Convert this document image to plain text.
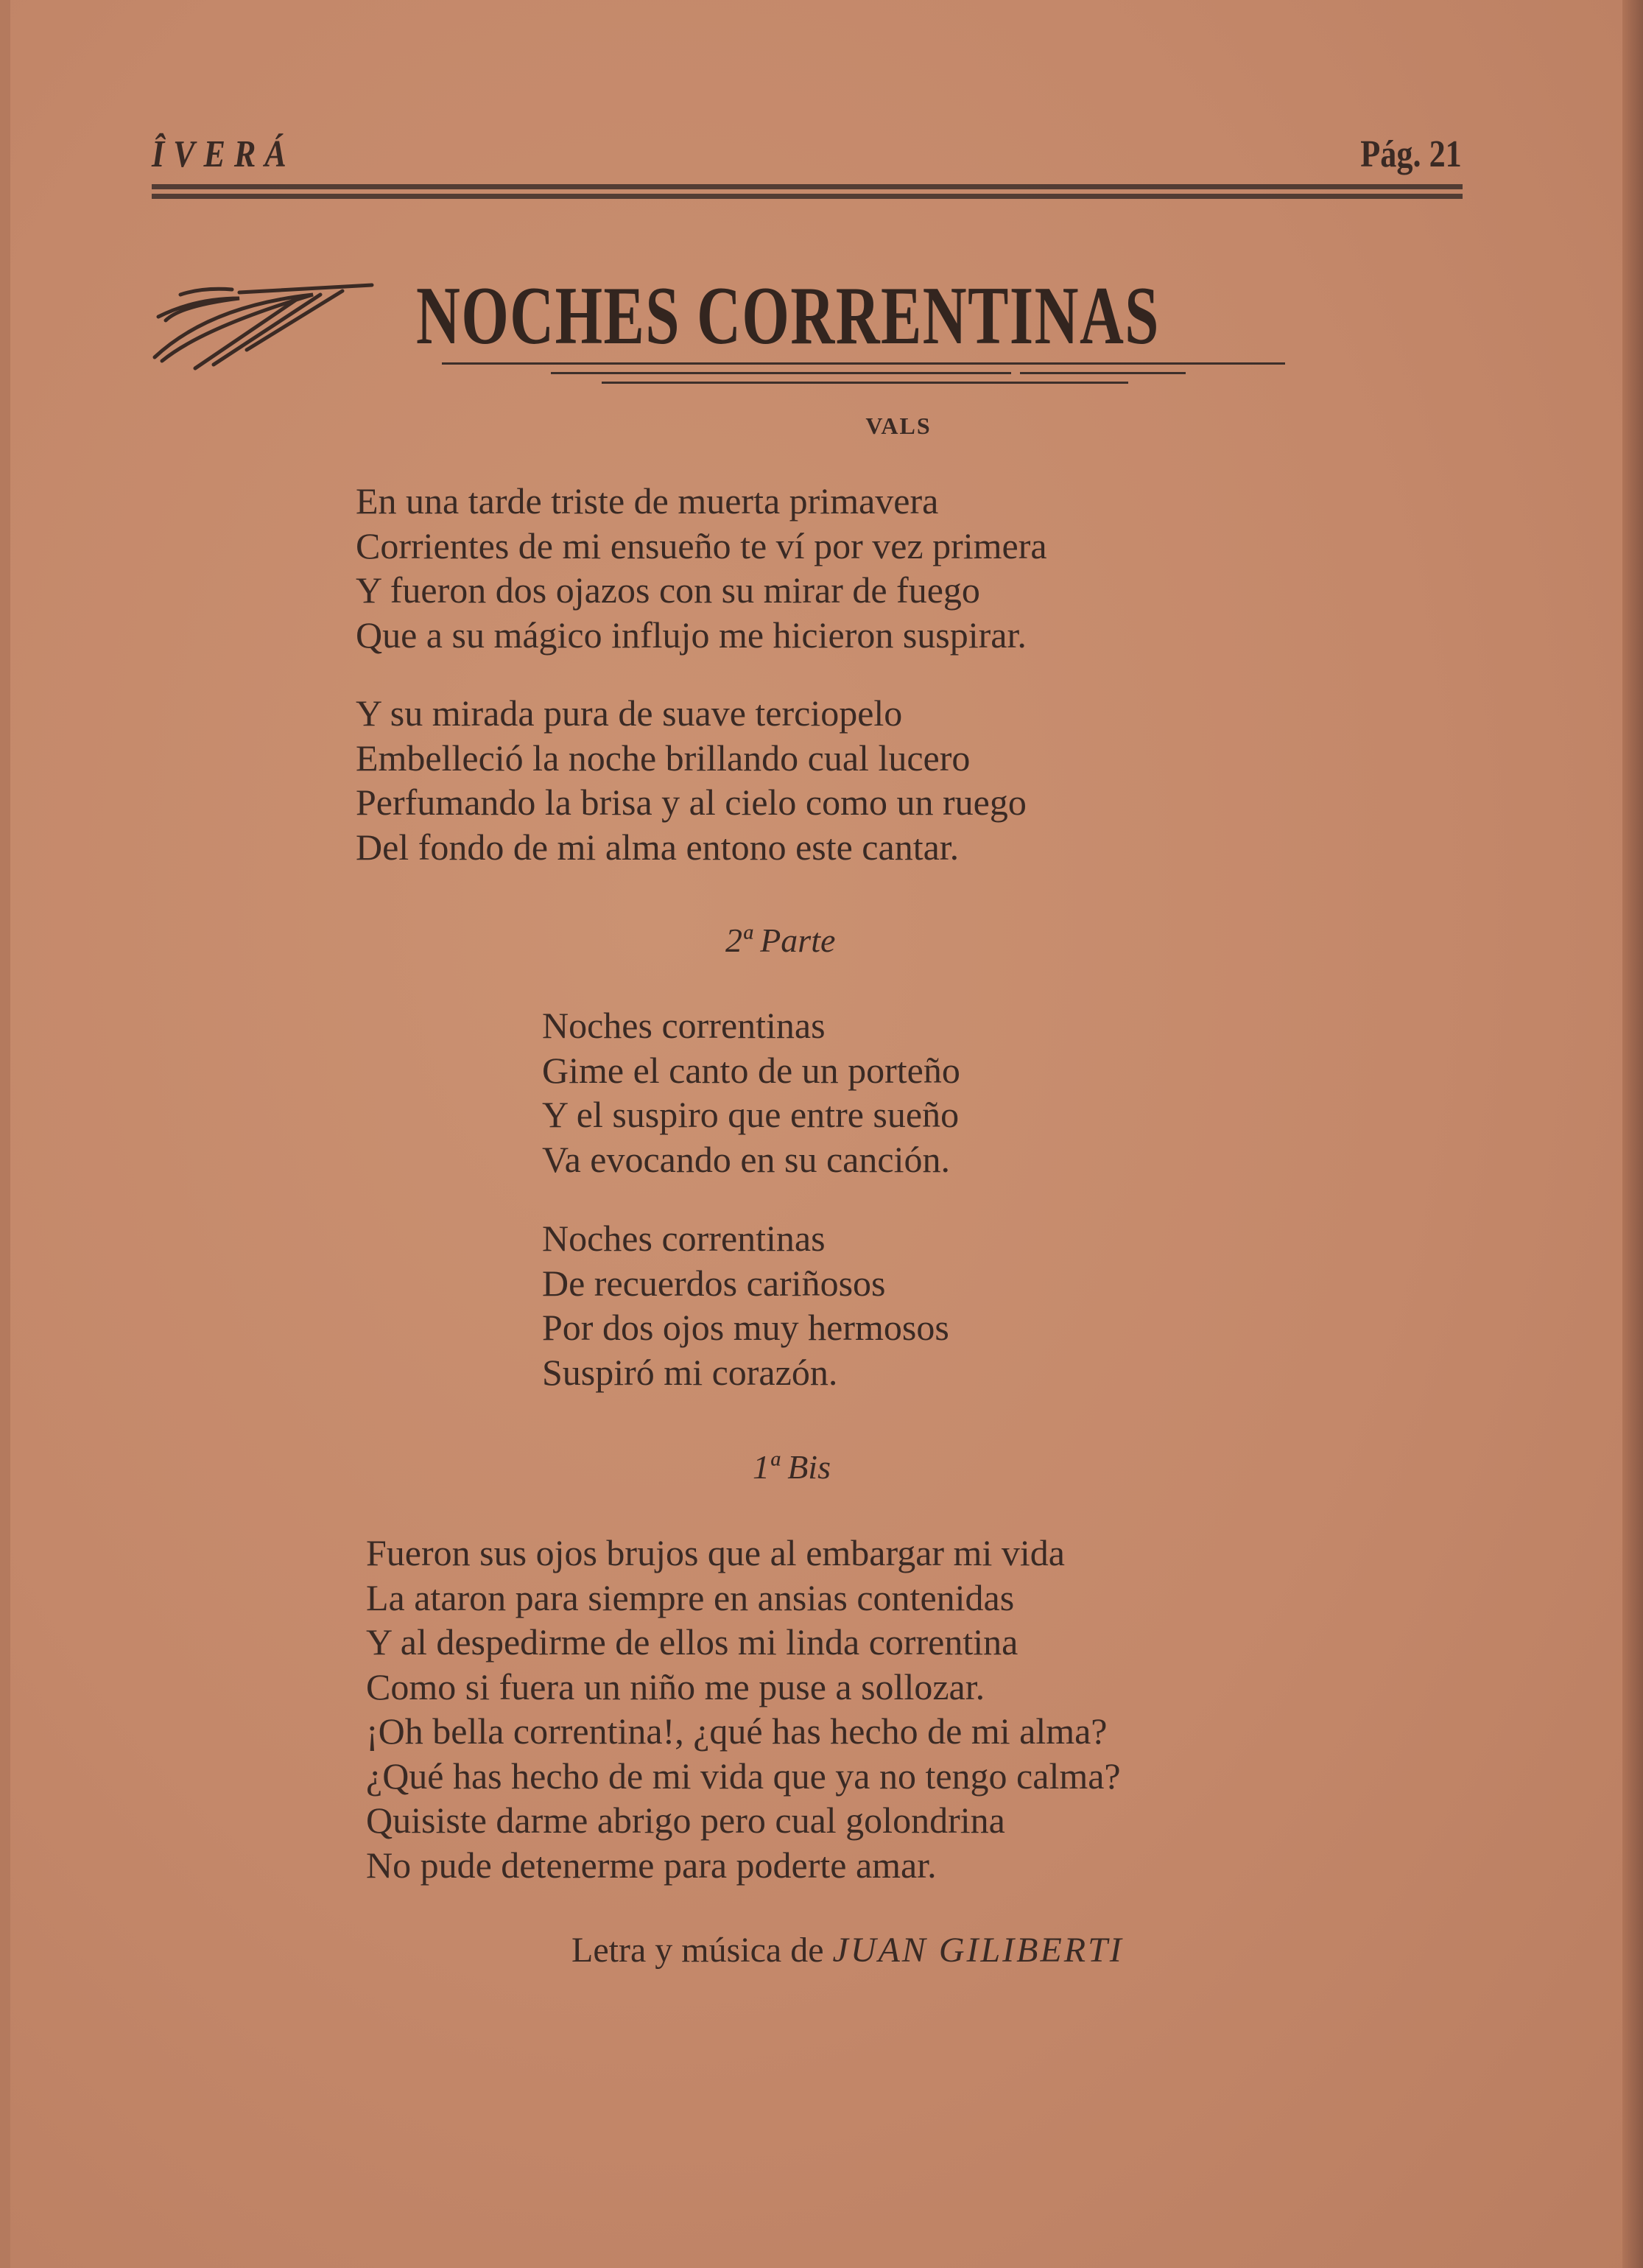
ÎVERÁ	Pág. 21
NOCHES CORRENTINAS
VALS
En una tarde triste de muerta primavera
Corrientes de mi ensueño te ví por vez primera
Y fueron dos ojazos con su mirar de fuego
Que a su mágico influjo me hicieron suspirar.
Y su mirada pura de suave terciopelo
Embelleció la noche brillando cual lucero
Perfumando la brisa y al cielo como un ruego
Del fondo de mi alma entono este cantar.
2ª Parte
Noches correntinas
Gime el canto de un porteño
Y el suspiro que entre sueño
Va evocando en su canción.
Noches correntinas
De recuerdos cariñosos
Por dos ojos muy hermosos
Suspiró mi corazón.
1ª Bis
Fueron sus ojos brujos que al embargar mi vida
La ataron para siempre en ansias contenidas
Y al despedirme de ellos mi linda correntina
Como si fuera un niño me puse a sollozar.
¡Oh bella correntina!, ¿qué has hecho de mi alma?
¿Qué has hecho de mi vida que ya no tengo calma?
Quisiste darme abrigo pero cual golondrina
No pude detenerme para poderte amar.
Letra y música de JUAN GILIBERTI
